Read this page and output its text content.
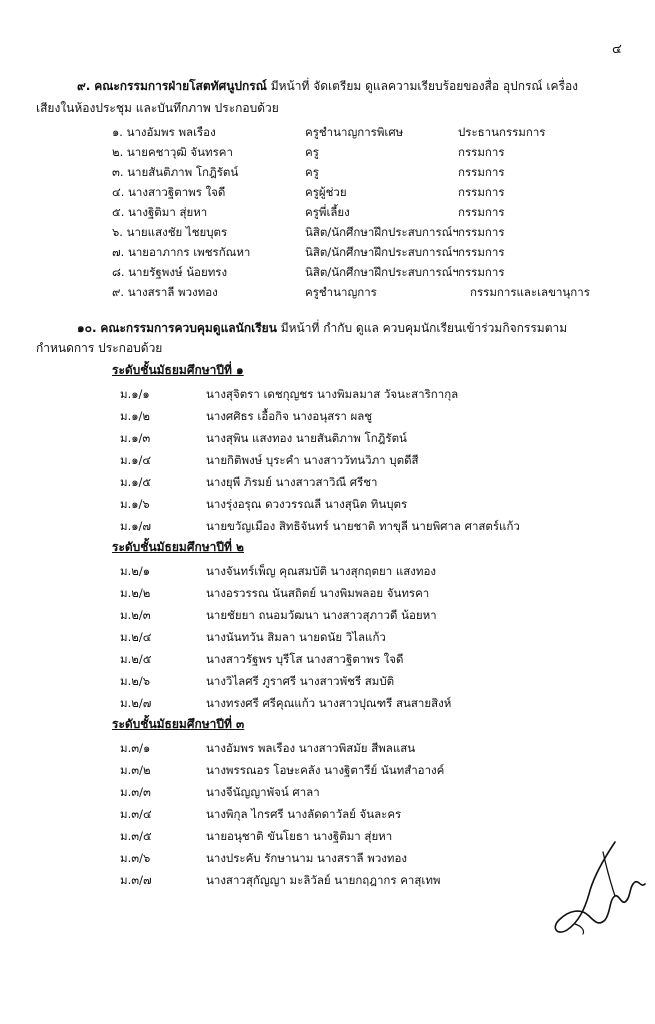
๔
๙. คณะกรรมการฝ่ายโสตทัศนูปกรณ์ มีหน้าที่ จัดเตรียม ดูแลความเรียบร้อยของสื่อ อุปกรณ์ เครื่อง
เสียงในห้องประชุม และบันทึกภาพ ประกอบด้วย
๑. นางอัมพร พลเรือง	ครูชำนาญการพิเศษ	ประธานกรรมการ
๒. นายคชาวุฒิ จันทรคา	ครู	กรรมการ
๓. นายสันติภาพ โกฎิรัตน์	ครู	กรรมการ
๔. นางสาวฐิตาพร ใจดี	ครูผู้ช่วย	กรรมการ
๕. นางฐิติมา สุ่ยหา	ครูพี่เลี้ยง	กรรมการ
๖. นายแสงชัย ไชยบุตร	นิสิต/นักศึกษาฝึกประสบการณ์ฯ กรรมการ
๗. นายอาภากร เพชรกัณหา	นิสิต/นักศึกษาฝึกประสบการณ์ฯ กรรมการ
๘. นายรัฐพงษ์ น้อยทรง	นิสิต/นักศึกษาฝึกประสบการณ์ฯ กรรมการ
๙. นางสราลี พวงทอง	ครูชำนาญการ	กรรมการและเลขานุการ
๑๐. คณะกรรมการควบคุมดูแลนักเรียน มีหน้าที่ กำกับ ดูแล ควบคุมนักเรียนเข้าร่วมกิจกรรมตาม
กำหนดการ ประกอบด้วย
ระดับชั้นมัธยมศึกษาปีที่ ๑
ม.๑/๑	นางสุจิตรา เดชกุญชร นางพิมลมาส วัจนะสาริกากุล
ม.๑/๒	นางศศิธร เอื้อกิจ นางอนุสรา ผลชู
ม.๑/๓	นางสุพิน แสงทอง นายสันติภาพ โกฎิรัตน์
ม.๑/๔	นายกิติพงษ์ บุระคำ นางสาววัทนวิภา บุตดีสี
ม.๑/๕	นางยุพี ภิรมย์ นางสาวสาวิณี ศรีชา
ม.๑/๖	นางรุ่งอรุณ ดวงวรรณลี นางสุนิต ทินบุตร
ม.๑/๗	นายขวัญเมือง สิทธิจันทร์ นายชาติ ทาขุลี นายพิศาล ศาสตร์แก้ว
ระดับชั้นมัธยมศึกษาปีที่ ๒
ม.๒/๑	นางจันทร์เพ็ญ คุณสมบัติ นางสุกฤตยา แสงทอง
ม.๒/๒	นางอรวรรณ นันสถิตย์ นางพิมพลอย จันทรคา
ม.๒/๓	นายชัยยา ถนอมวัฒนา นางสาวสุภาวดี น้อยหา
ม.๒/๔	นางนันทวัน สิมลา นายดนัย วิไลแก้ว
ม.๒/๕	นางสาวรัฐพร บุรีโส นางสาวฐิตาพร ใจดี
ม.๒/๖	นางวิไลศรี ภูราศรี นางสาวพัชรี สมบัติ
ม.๒/๗	นางทรงศรี ศรีคุณแก้ว นางสาวปุณฑรี สนสายสิงห์
ระดับชั้นมัธยมศึกษาปีที่ ๓
ม.๓/๑	นางอัมพร พลเรือง นางสาวพิสมัย สีพลแสน
ม.๓/๒	นางพรรณอร โอษะคลัง นางฐิตารีย์ นันทสำอางค์
ม.๓/๓	นางจีนัญญาพัจน์ ศาลา
ม.๓/๔	นางพิกุล ไกรศรี นางลัดดาวัลย์ จันละคร
ม.๓/๕	นายอนุชาติ ขันโยธา นางฐิติมา สุ่ยหา
ม.๓/๖	นางประคับ รักษานาม นางสราลี พวงทอง
ม.๓/๗	นางสาวสุกัญญา มะลิวัลย์ นายกฤฎากร คาสุเทพ
